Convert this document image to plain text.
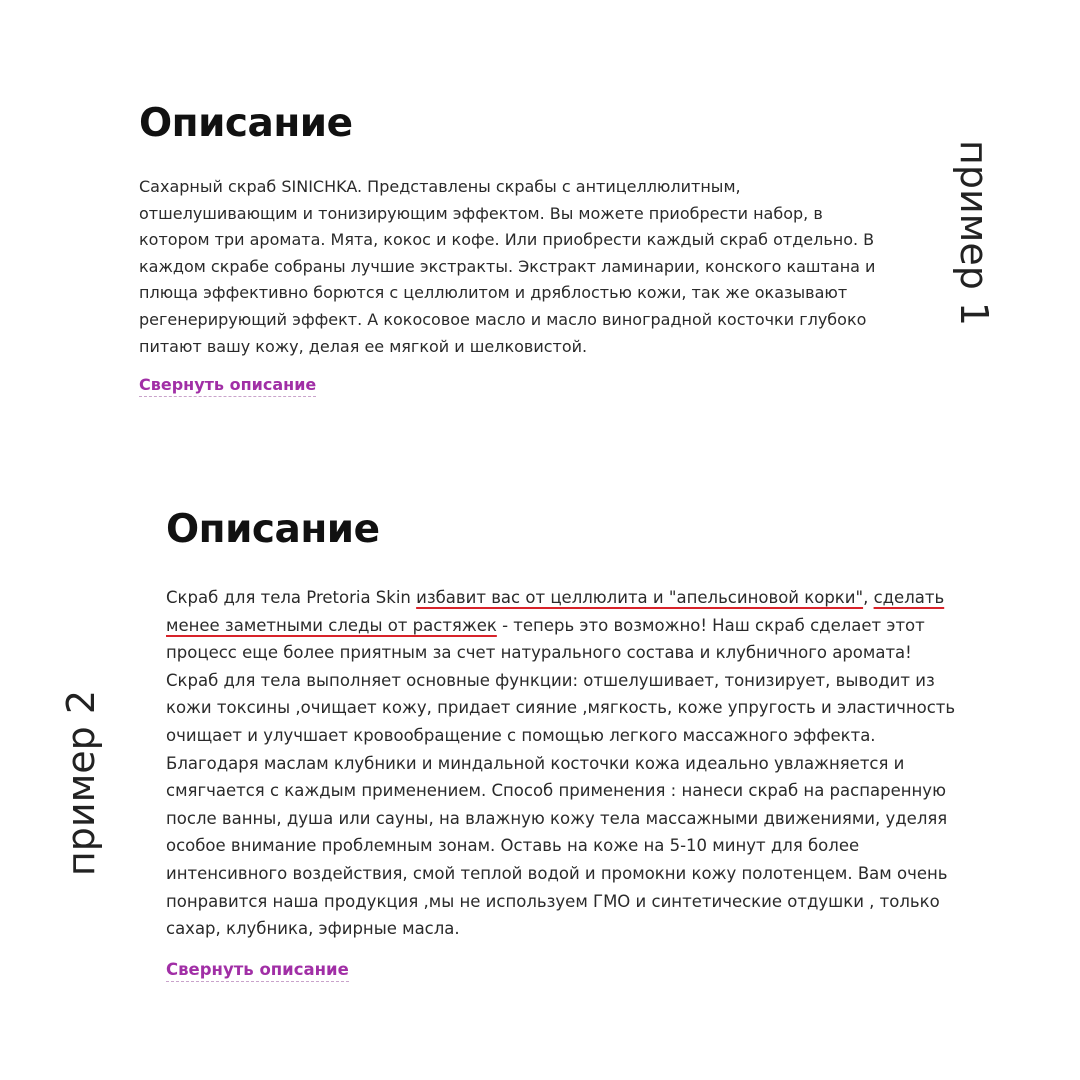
Описание

Сахарный скраб SINICHKA. Представлены скрабы с антицеллюлитным, отшелушивающим и тонизирующим эффектом. Вы можете приобрести набор, в котором три аромата. Мята, кокос и кофе. Или приобрести каждый скраб отдельно. В каждом скрабе собраны лучшие экстракты. Экстракт ламинарии, конского каштана и плюща эффективно борются с целлюлитом и дряблостью кожи, так же оказывают регенерирующий эффект. А кокосовое масло и масло виноградной косточки глубоко питают вашу кожу, делая ее мягкой и шелковистой.

Свернуть описание
пример 1
Описание

Скраб для тела Pretoria Skin избавит вас от целлюлита и "апельсиновой корки", сделать менее заметными следы от растяжек - теперь это возможно! Наш скраб сделает этот процесс еще более приятным за счет натурального состава и клубничного аромата! Скраб для тела выполняет основные функции: отшелушивает, тонизирует, выводит из кожи токсины ,очищает кожу, придает сияние ,мягкость, коже упругость и эластичность очищает и улучшает кровообращение с помощью легкого массажного эффекта. Благодаря маслам клубники и миндальной косточки кожа идеально увлажняется и смягчается с каждым применением. Способ применения : нанеси скраб на распаренную после ванны, душа или сауны, на влажную кожу тела массажными движениями, уделяя особое внимание проблемным зонам. Оставь на коже на 5-10 минут для более интенсивного воздействия, смой теплой водой и промокни кожу полотенцем. Вам очень понравится наша продукция ,мы не используем ГМО и синтетические отдушки , только сахар, клубника, эфирные масла.

Свернуть описание
пример 2
